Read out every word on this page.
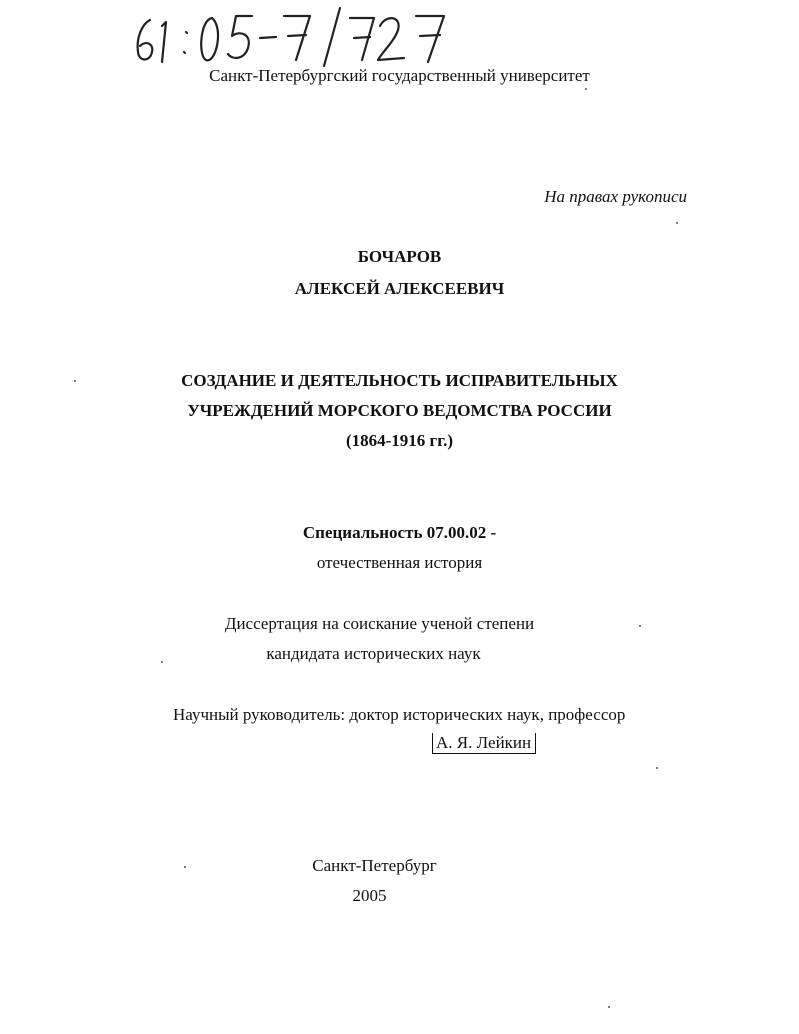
Санкт-Петербургский государственный университет
На правах рукописи
БОЧАРОВ
АЛЕКСЕЙ АЛЕКСЕЕВИЧ
СОЗДАНИЕ И ДЕЯТЕЛЬНОСТЬ ИСПРАВИТЕЛЬНЫХ
УЧРЕЖДЕНИЙ МОРСКОГО ВЕДОМСТВА РОССИИ
(1864-1916 гг.)
Специальность 07.00.02 -
отечественная история
Диссертация на соискание ученой степени
кандидата исторических наук
Научный руководитель: доктор исторических наук, профессор
А. Я. Лейкин
Санкт-Петербург
2005
